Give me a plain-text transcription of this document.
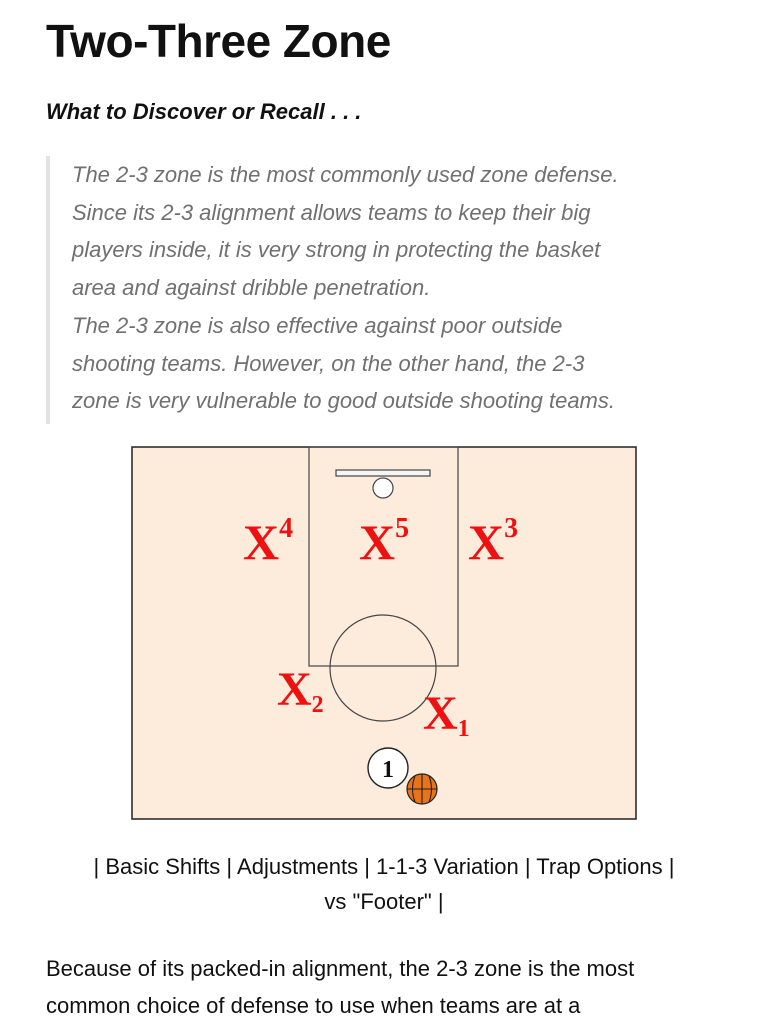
Two-Three Zone

What to Discover or Recall . . .

The 2-3 zone is the most commonly used zone defense.

Since its 2-3 alignment allows teams to keep their big

players inside, it is very strong in protecting the basket

area and against dribble penetration.

The 2-3 zone is also effective against poor outside

shooting teams. However, on the other hand, the 2-3

zone is very vulnerable to good outside shooting teams.

$X^4$ $X^5$ $X^3$
X2 X1
1
| Basic Shifts | Adjustments | 1-1-3 Variation | Trap Options |
vs "Footer" |
Because of its packed-in alignment, the 2-3 zone is the most
common choice of defense to use when teams are at a
